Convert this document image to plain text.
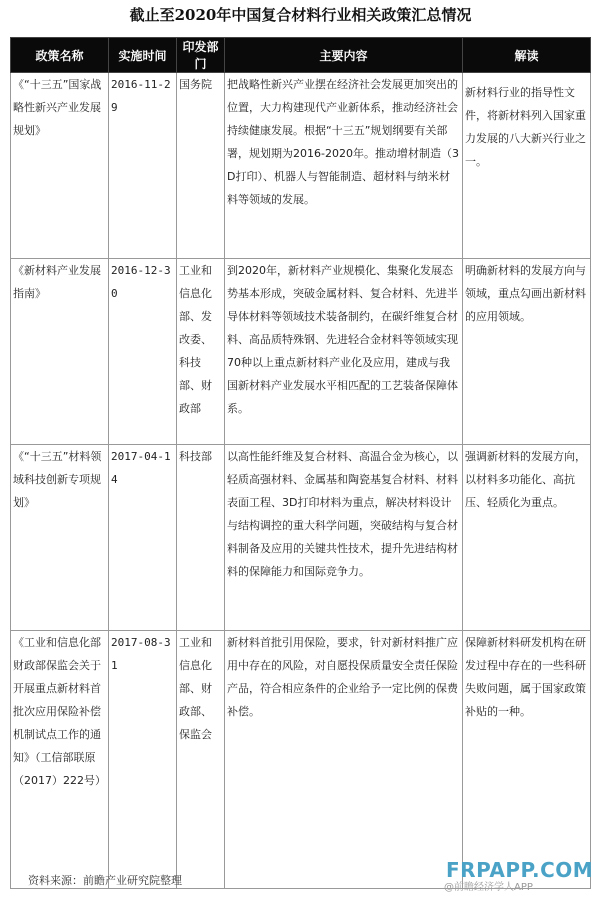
截止至2020年中国复合材料行业相关政策汇总情况
政策名称	实施时间	印发部门	主要内容	解读
《“十三五”国家战略性新兴产业发展规划》	2016-11-29	国务院	把战略性新兴产业摆在经济社会发展更加突出的位置，大力构建现代产业新体系，推动经济社会持续健康发展。根据“十三五”规划纲要有关部署，规划期为2016-2020年。推动增材制造（3D打印）、机器人与智能制造、超材料与纳米材料等领域的发展。	新材料行业的指导性文件，将新材料列入国家重力发展的八大新兴行业之一。
《新材料产业发展指南》	2016-12-30	工业和信息化部、发改委、科技部、财政部	到2020年，新材料产业规模化、集聚化发展态势基本形成，突破金属材料、复合材料、先进半导体材料等领域技术装备制约，在碳纤维复合材料、高品质特殊钢、先进轻合金材料等领域实现70种以上重点新材料产业化及应用，建成与我国新材料产业发展水平相匹配的工艺装备保障体系。	明确新材料的发展方向与领域，重点勾画出新材料的应用领域。
《“十三五”材料领域科技创新专项规划》	2017-04-14	科技部	以高性能纤维及复合材料、高温合金为核心，以轻质高强材料、金属基和陶瓷基复合材料、材料表面工程、3D打印材料为重点，解决材料设计与结构调控的重大科学问题，突破结构与复合材料制备及应用的关键共性技术，提升先进结构材料的保障能力和国际竞争力。	强调新材料的发展方向，以材料多功能化、高抗压、轻质化为重点。
《工业和信息化部 财政部保监会关于开展重点新材料首批次应用保险补偿机制试点工作的通知》（工信部联原（2017）222号）	2017-08-31	工业和信息化部、财政部、保监会	新材料首批引用保险，要求，针对新材料推广应用中存在的风险，对自愿投保质量安全责任保险产品，符合相应条件的企业给予一定比例的保费补偿。	保障新材料研发机构在研发过程中存在的一些科研失败问题，属于国家政策补贴的一种。
资料来源：前瞻产业研究院整理	FRPAPP.COM
@前瞻经济学人APP
